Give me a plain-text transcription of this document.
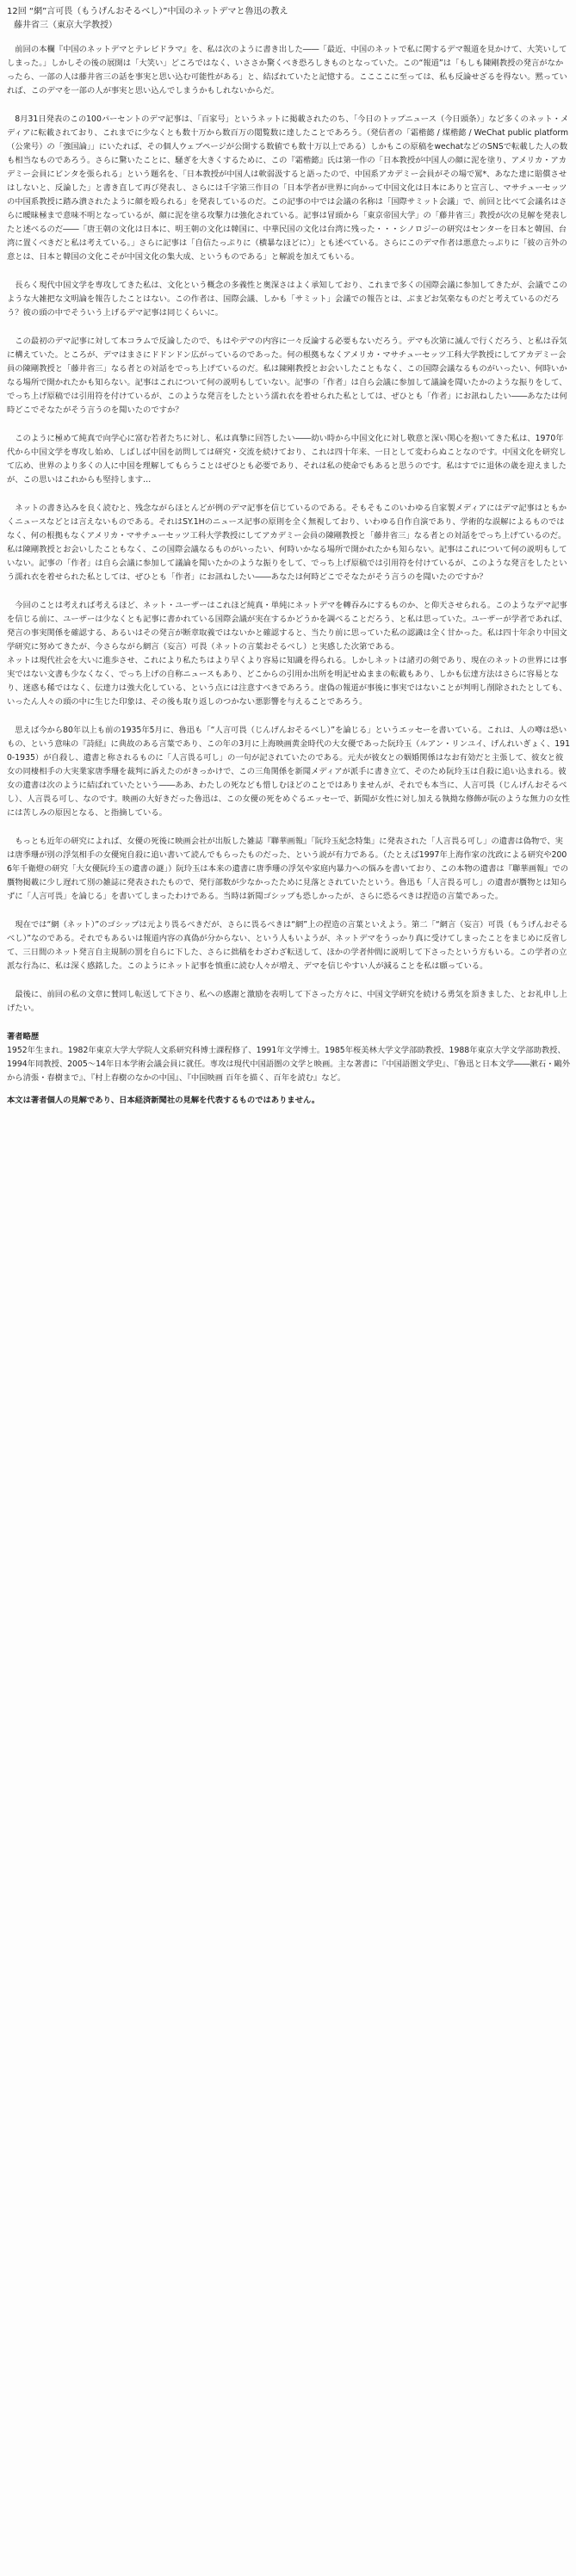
12回 “網”言可畏（もうげんおそるべし）”中国のネットデマと魯迅の教え
藤井省三（東京大学教授）

前回の本欄『中国のネットデマとテレビドラマ』を、私は次のように書き出した――「最近、中国のネットで私に関するデマ報道を見かけて、大笑いしてしまった。」しかしその後の展開は「大笑い」どころではなく、いささか驚くべき恐ろしきものとなっていた。この“報道”は「もしも陳剛教授の発言がなかったら、一部の人は藤井省三の話を事実と思い込む可能性がある」と、結ばれていたと記憶する。ここここに至っては、私も反論せざるを得ない。黙っていれば、このデマを一部の人が事実と思い込んでしまうかもしれないからだ。

8月31日発表のこの100パーセントのデマ記事は、「百家号」というネットに掲載されたのち、「今日のトップニュース（今日頭条）」など多くのネット・メディアに転載されており、これまでに少なくとも数十万から数百万の閲覧数に達したことであろう。（発信者の「霜楷懿 / 煤楷懿 / WeChat public platform（公衆号）の「強国論」」にいたれば、その個人ウェブページが公開する数値でも数十万以上である）しかもこの原稿をwechatなどのSNSで転載した人の数も相当なものであろう。さらに驚いたことに、騒ぎを大きくするために、この『霜楷懿』氏は第一作の「日本教授が中国人の顔に泥を塗り、アメリカ・アカデミー会員にビンタを張られる」という題名を、「日本教授が中国人は軟弱汲すると語ったので、中国系アカデミー会員がその場で罵*、あなた達に賠償させはしないと、反論した」と書き直して再び発表し、さらには千字第三作目の「日本学者が世界に向かって中国文化は日本にありと宣言し、マサチューセッツの中国系教授に踏み潰されたように顔を殴られる」を発表しているのだ。この記事の中では会議の名称は「国際サミット会議」で、前回と比べて会議名はさらに曖昧極まで意味不明となっているが、顔に泥を塗る攻撃力は強化されている。記事は冒頭から「東京帝国大学」の「藤井省三」教授が次の見解を発表したと述べるのだ――「唐王朝の文化は日本に、明王朝の文化は韓国に、中華民国の文化は台湾に残った・・・シノロジーの研究はセンターを日本と韓国、台湾に置くべきだと私は考えている。」さらに記事は「自信たっぷりに（横暴なほどに）」とも述べている。さらにこのデマ作者は悪意たっぷりに「彼の言外の意とは、日本と韓国の文化こそが中国文化の集大成、というものである」と解説を加えてもいる。

長らく現代中国文学を専攻してきた私は、文化という概念の多義性と奥深さはよく承知しており、これまで多くの国際会議に参加してきたが、会議でこのような大雑把な文明論を報告したことはない。この作者は、国際会議、しかも「サミット」会議での報告とは、ぶまどお気楽なものだと考えているのだろう？彼の頭の中でそういう上げるデマ記事は同じくらいに。

この最初のデマ記事に対して本コラムで反論したので、もはやデマの内容に一々反論する必要もないだろう。デマも次第に滅んで行くだろう、と私は吞気に構えていた。ところが、デマはまさにドドンドン広がっているのであった。何の根拠もなくアメリカ・マサチューセッツ工科大学教授にしてアカデミー会員の陳剛教授と「藤井省三」なる者との対話をでっち上げているのだ。私は陳剛教授とお会いしたこともなく、この国際会議なるものがいったい、何時いかなる場所で開かれたかも知らない。記事はこれについて何の説明もしていない。記事の「作者」は自ら会議に参加して議論を聞いたかのような振りをして、でっち上げ原稿では引用符を付けているが、このような発言をしたという濡れ衣を着せられた私としては、ぜひとも「作者」にお訊ねしたい――あなたは何時どこでそなたがそう言うのを聞いたのですか？

このように極めて純真で向学心に富む若者たちに対し、私は真摯に回答したい――幼い時から中国文化に対し敬意と深い関心を抱いてきた私は、1970年代から中国文学を専攻し始め、しばしば中国を訪問しては研究・交流を続けており、これは四十年来、一日として変わらぬことなのです。中国文化を研究して広め、世界のより多くの人に中国を理解してもらうことはぜひとも必要であり、それは私の使命でもあると思うのです。私はすでに退休の歳を迎えましたが、この思いはこれからも堅持します…

ネットの書き込みを良く読むと、残念ながらほとんどが例のデマ記事を信じているのである。そもそもこのいわゆる自家製メディアにはデマ記事はともかくニュースなどとは言えないものである。それはSY.1Hのニュース記事の原則を全く無視しており、いわゆる自作自演であり、学術的な誤解によるものではなく、何の根拠もなくアメリカ・マサチューセッツ工科大学教授にしてアカデミー会員の陳剛教授と「藤井省三」なる者との対話をでっち上げているのだ。私は陳剛教授とお会いしたこともなく、この国際会議なるものがいったい、何時いかなる場所で開かれたかも知らない。記事はこれについて何の説明もしていない。記事の「作者」は自ら会議に参加して議論を聞いたかのような振りをして、でっち上げ原稿では引用符を付けているが、このような発言をしたという濡れ衣を着せられた私としては、ぜひとも「作者」にお訊ねしたい――あなたは何時どこでそなたがそう言うのを聞いたのですか？

今回のことは考えれば考えるほど、ネット・ユーザーはこれほど純真・単純にネットデマを轉吞みにするものか、と仰天させられる。このようなデマ記事を信じる前に、ユーザーは少なくとも記事に書かれている国際会議が実在するかどうかを調べることだろう、と私は思っていた。ユーザーが学者であれば、発言の事実関係を確認する、あるいはその発言が断章取義ではないかと確認すると、当たり前に思っていた私の認識は全く甘かった。私は四十年余り中国文学研究に努めてきたが、今さらながら網言（妄言）可畏（ネットの言葉おそるべし）と実感した次第である。
ネットは現代社会を大いに進歩させ、これにより私たちはより早くより容易に知識を得られる。しかしネットは諸刃の剣であり、現在のネットの世界には事実ではない文書も少なくなく、でっち上げの自称ニュースもあり、どこからの引用か出所を明記せぬままの転載もあり、しかも伝達方法はさらに容易となり、迷惑も稀ではなく、伝達力は強大化している、という点には注意すべきであろう。虚偽の報道が事後に事実ではないことが判明し削除されたとしても、いったん人々の頭の中に生じた印象は、その後も取り返しのつかない悪影響を与えることであろう。

思えば今から80年以上も前の1935年5月に、魯迅も「“人言可畏（じんげんおそるべし）”を論じる」というエッセーを書いている。これは、人の噂は恐いもの、という意味の『詩経』に典故のある言葉であり、この年の3月に上海映画黄金時代の大女優であった阮玲玉（ルアン・リンユイ、げんれいぎょく、1910-1935）が自殺し、遺書と称されるものに「人言畏る可し」の一句が記されていたのである。元夫が彼女との姻婚関係はなお有効だと主張して、彼女と彼女の同棲相手の大実業家唐季珊を裁判に訴えたのがきっかけで、この三角関係を新聞メディアが派手に書き立て、そのため阮玲玉は自殺に追い込まれる。彼女の遺書は次のように結ばれていたという――ああ、わたしの死なども惜しむほどのことではありませんが、それでも本当に、人言可畏（じんげんおそるべし）、人言畏る可し、なのです。映画の大好きだった魯迅は、この女優の死をめぐるエッセーで、新聞が女性に対し加える執拗な修飾が阮のような無力の女性には苦しみの原因となる、と指摘している。

もっとも近年の研究によれば、女優の死後に映画会社が出版した雑誌『聯華画報』「阮玲玉紀念特集」に発表された「人言畏る可し」の遺書は偽物で、実は唐季珊が別の浮気相手の女優宛自殺に追い書いて読んでもらったものだった、という説が有力である。（たとえば1997年上海作家の沈政による研究や2006年千衛燈の研究「大女優阮玲玉の遺書の謎」）阮玲玉は本来の遺書に唐季珊の浮気や家庭内暴力への悩みを書いており、この本物の遺書は『聯華画報』での贋物掲載に少し遅れて別の雑誌に発表されたもので、発行部数が少なかったために見落とされていたという。魯迅も「人言畏る可し」の遺書が贋物とは知らずに「人言可畏」を論じる」を書いてしまったわけである。当時は新聞ゴシップも恐しかったが、さらに恐るべきは捏造の言葉であった。

現在では“網（ネット）”のゴシップは元より畏るべきだが、さらに畏るべきは“網”上の捏造の言葉といえよう。第二「“網言（妄言）可畏（もうげんおそるべし）”なのである。それでもあるいは報道内容の真偽が分からない、という人もいようが、ネットデマをうっかり真に受けてしまったことをまじめに反省して、三日間のネット発言自主規制の罰を自らに下した、さらに拙稿をわざわざ転送して、ほかの学者仲間に説明して下さったという方もいる。この学者の立派な行為に、私は深く感銘した。このようにネット記事を慎重に読む人々が増え、デマを信じやすい人が減ることを私は願っている。

最後に、前回の私の文章に賛同し転送して下さり、私への感謝と激励を表明して下さった方々に、中国文学研究を続ける勇気を頂きました、とお礼申し上げたい。

著者略歴

1952年生まれ。1982年東京大学大学院人文系研究科博士課程修了、1991年文学博士。1985年桜美林大学文学部助教授、1988年東京大学文学部助教授、1994年同教授、2005～14年日本学術会議会員に就任。専攻は現代中国語圏の文学と映画。主な著書に『中国語圏文学史』、『魯迅と日本文学――漱石・鷗外から清張・春樹まで』、『村上春樹のなかの中国』、『中国映画 百年を描く、百年を読む』など。

本文は著者個人の見解であり、日本経済新聞社の見解を代表するものではありません。
